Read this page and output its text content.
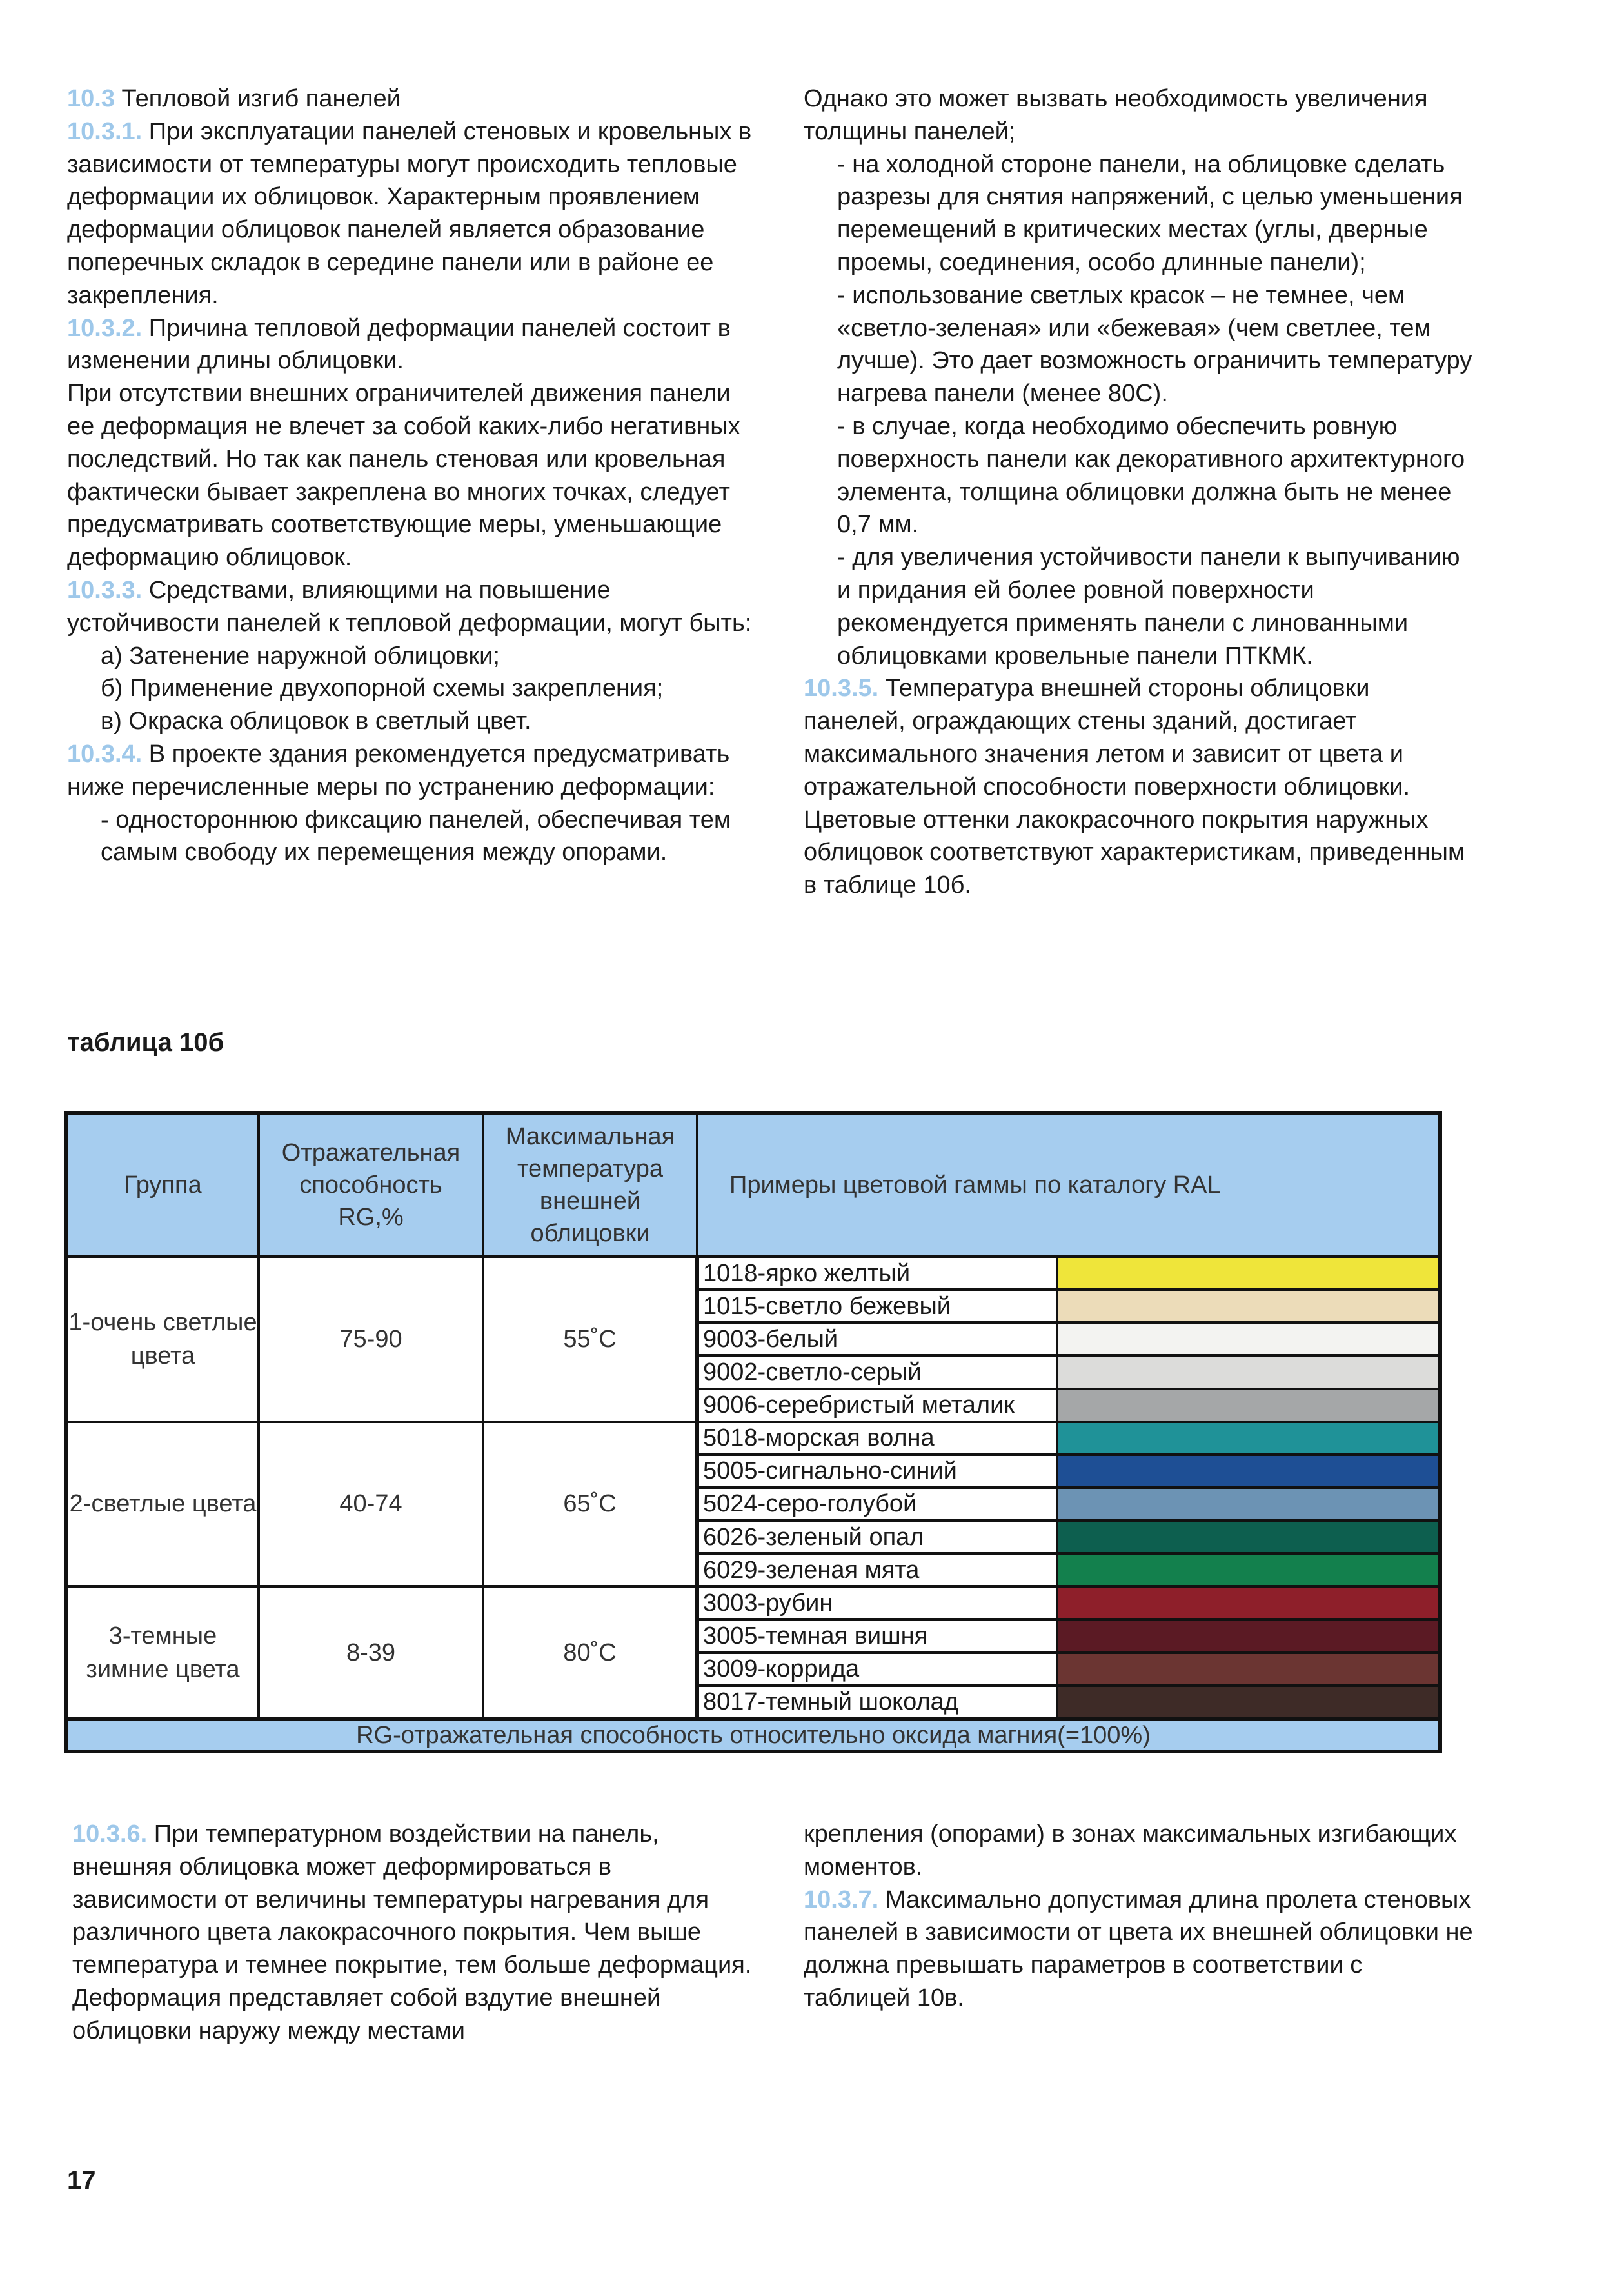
10.3 Тепловой изгиб панелей

10.3.1. При эксплуатации панелей стеновых и кровельных в зависимости от температуры могут происходить тепловые деформации их облицовок. Характерным проявлением деформации облицовок панелей является образование поперечных складок в середине панели или в районе ее закрепления.

10.3.2. Причина тепловой деформации панелей состоит в изменении длины облицовки.

При отсутствии внешних ограничителей движения панели ее деформация не влечет за собой каких-либо негативных последствий. Но так как панель стеновая или кровельная фактически бывает закреплена во многих точках, следует предусматривать соответствующие меры, уменьшающие деформацию облицовок.

10.3.3. Средствами, влияющими на повышение устойчивости панелей к тепловой деформации, могут быть:

а) Затенение наружной облицовки;

б) Применение двухопорной схемы закрепления;

в) Окраска облицовок в светлый цвет.

10.3.4. В проекте здания рекомендуется предусматривать ниже перечисленные меры по устранению деформации:

- одностороннюю фиксацию панелей, обеспечивая тем самым свободу их перемещения между опорами.

Однако это может вызвать необходимость увеличения толщины панелей;

- на холодной стороне панели, на облицовке сделать разрезы для снятия напряжений, с целью уменьшения перемещений в критических местах (углы, дверные проемы, соединения, особо длинные панели);

- использование светлых красок – не темнее, чем «светло-зеленая» или «бежевая» (чем светлее, тем лучше). Это дает возможность ограничить температуру нагрева панели (менее 80С).

- в случае, когда необходимо обеспечить ровную поверхность панели как декоративного архитектурного элемента, толщина облицовки должна быть не менее 0,7 мм.

- для увеличения устойчивости панели к выпучиванию и придания ей более ровной поверхности рекомендуется применять панели с линованными облицовками кровельные панели ПТКМК.

10.3.5. Температура внешней стороны облицовки панелей, ограждающих стены зданий, достигает максимального значения летом и зависит от цвета и отражательной способности поверхности облицовки. Цветовые оттенки лакокрасочного покрытия наружных облицовок соответствуют характеристикам, приведенным в таблице 10б.

таблица 10б
Группа	Отражательная способность RG,%	Максимальная температура внешней облицовки	Примеры цветовой гаммы по каталогу RAL	
1-очень светлые цвета	75-90	55˚C	1018-ярко желтый	
			1015-светло бежевый	
			9003-белый	
			9002-светло-серый	
			9006-серебристый металик	
2-светлые цвета	40-74	65˚C	5018-морская волна	
			5005-сигнально-синий	
			5024-серо-голубой	
			6026-зеленый опал	
			6029-зеленая мята	
3-темные зимние цвета	8-39	80˚C	3003-рубин	
			3005-темная вишня	
			3009-коррида	
			8017-темный шоколад	
RG-отражательная способность относительно оксида магния(=100%)				

10.3.6. При температурном воздействии на панель, внешняя облицовка может деформироваться в зависимости от величины температуры нагревания для различного цвета лакокрасочного покрытия. Чем выше температура и темнее покрытие, тем больше деформация. Деформация представляет собой вздутие внешней облицовки наружу между местами

крепления (опорами) в зонах максимальных изгибающих моментов.

10.3.7. Максимально допустимая длина пролета стеновых панелей в зависимости от цвета их внешней облицовки не должна превышать параметров в соответствии с таблицей 10в.

17
